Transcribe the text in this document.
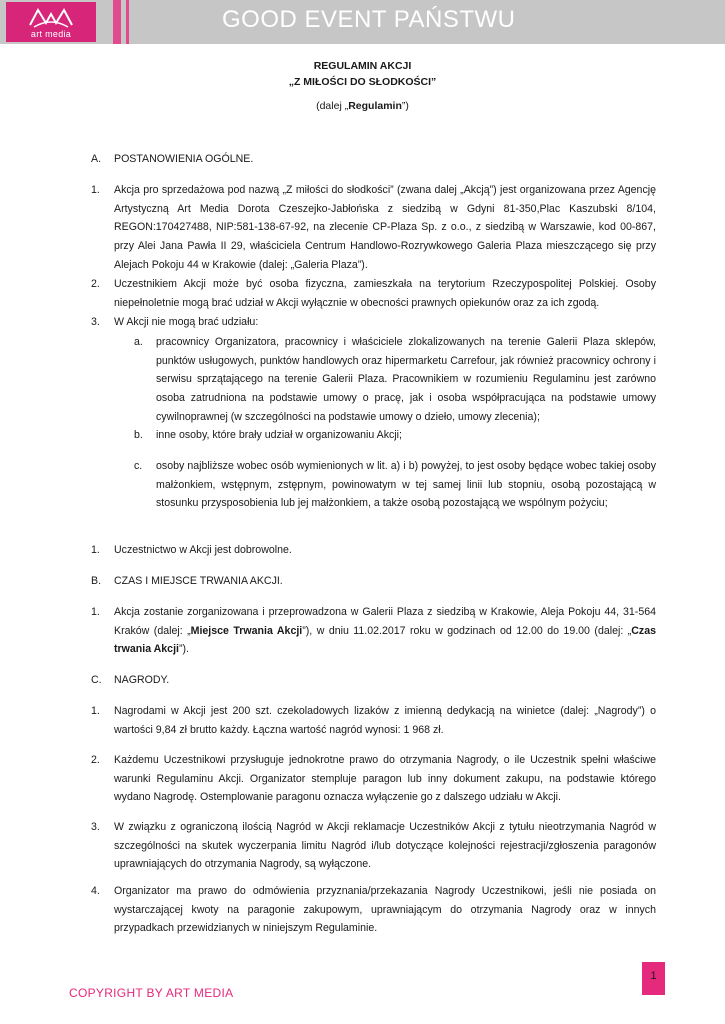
art media
GOOD EVENT PAŃSTWU
REGULAMIN AKCJI
„Z MIŁOŚCI DO SŁODKOŚCI”
(dalej „Regulamin”)
A. POSTANOWIENIA OGÓLNE.
1. Akcja pro sprzedażowa pod nazwą „Z miłości do słodkości” (zwana dalej „Akcją”) jest organizowana przez Agencję Artystyczną Art Media Dorota Czeszejko-Jabłońska z siedzibą w Gdyni 81-350,Plac Kaszubski 8/104, REGON:170427488, NIP:581-138-67-92, na zlecenie CP-Plaza Sp. z o.o., z siedzibą w Warszawie, kod 00-867, przy Alei Jana Pawła II 29, właściciela Centrum Handlowo-Rozrywkowego Galeria Plaza mieszczącego się przy Alejach Pokoju 44 w Krakowie (dalej: „Galeria Plaza”).

2. Uczestnikiem Akcji może być osoba fizyczna, zamieszkała na terytorium Rzeczypospolitej Polskiej. Osoby niepełnoletnie mogą brać udział w Akcji wyłącznie w obecności prawnych opiekunów oraz za ich zgodą.

3. W Akcji nie mogą brać udziału:

a. pracownicy Organizatora, pracownicy i właściciele zlokalizowanych na terenie Galerii Plaza sklepów, punktów usługowych, punktów handlowych oraz hipermarketu Carrefour, jak również pracownicy ochrony i serwisu sprzątającego na terenie Galerii Plaza. Pracownikiem w rozumieniu Regulaminu jest zarówno osoba zatrudniona na podstawie umowy o pracę, jak i osoba współpracująca na podstawie umowy cywilnoprawnej (w szczególności na podstawie umowy o dzieło, umowy zlecenia);

b. inne osoby, które brały udział w organizowaniu Akcji;

c. osoby najbliższe wobec osób wymienionych w lit. a) i b) powyżej, to jest osoby będące wobec takiej osoby małżonkiem, wstępnym, zstępnym, powinowatym w tej samej linii lub stopniu, osobą pozostającą w stosunku przysposobienia lub jej małżonkiem, a także osobą pozostającą we wspólnym pożyciu;

1. Uczestnictwo w Akcji jest dobrowolne.

B. CZAS I MIEJSCE TRWANIA AKCJI.
1. Akcja zostanie zorganizowana i przeprowadzona w Galerii Plaza z siedzibą w Krakowie, Aleja Pokoju 44, 31-564 Kraków (dalej: „Miejsce Trwania Akcji”), w dniu 11.02.2017 roku w godzinach od 12.00 do 19.00 (dalej: „Czas trwania Akcji”).

C. NAGRODY.
1. Nagrodami w Akcji jest 200 szt. czekoladowych lizaków z imienną dedykacją na winietce (dalej: „Nagrody”) o wartości 9,84 zł brutto każdy. Łączna wartość nagród wynosi: 1 968 zł.

2. Każdemu Uczestnikowi przysługuje jednokrotne prawo do otrzymania Nagrody, o ile Uczestnik spełni właściwe warunki Regulaminu Akcji. Organizator stempluje paragon lub inny dokument zakupu, na podstawie którego wydano Nagrodę. Ostemplowanie paragonu oznacza wyłączenie go z dalszego udziału w Akcji.

3. W związku z ograniczoną ilością Nagród w Akcji reklamacje Uczestników Akcji z tytułu nieotrzymania Nagród w szczególności na skutek wyczerpania limitu Nagród i/lub dotyczące kolejności rejestracji/zgłoszenia paragonów uprawniających do otrzymania Nagrody, są wyłączone.

4. Organizator ma prawo do odmówienia przyznania/przekazania Nagrody Uczestnikowi, jeśli nie posiada on wystarczającej kwoty na paragonie zakupowym, uprawniającym do otrzymania Nagrody oraz w innych przypadkach przewidzianych w niniejszym Regulaminie.

1
COPYRIGHT BY ART MEDIA
